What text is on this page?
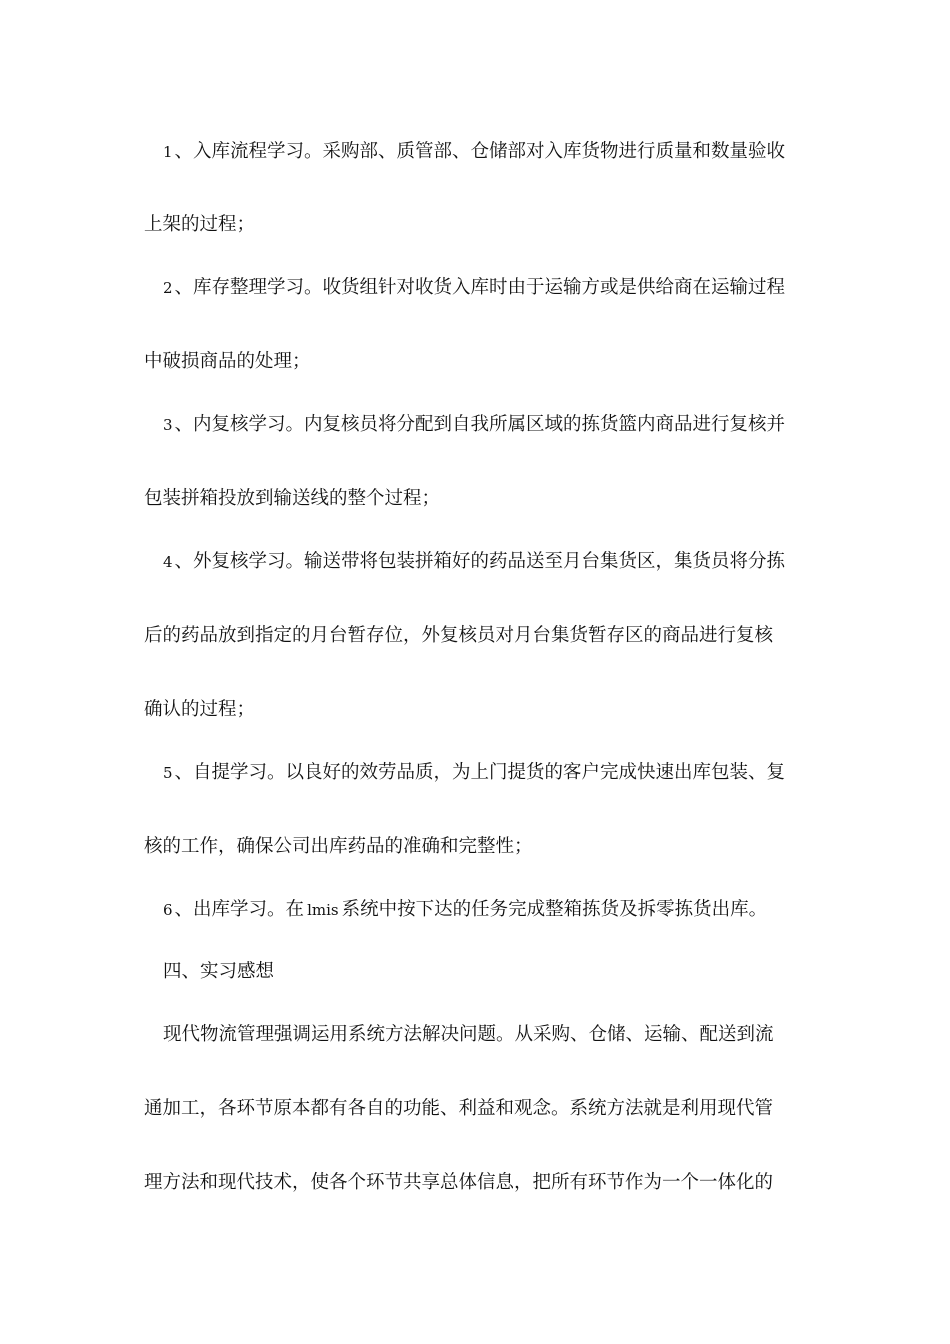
1 、入库流程学习。采购部、质管部、仓储部对入库货物进行质量和数量验收
上架的过程；
2 、库存整理学习。收货组针对收货入库时由于运输方或是供给商在运输过程
中破损商品的处理；
3 、内复核学习。内复核员将分配到自我所属区域的拣货篮内商品进行复核并
包装拼箱投放到输送线的整个过程；
4 、外复核学习。输送带将包装拼箱好的药品送至月台集货区，集货员将分拣
后的药品放到指定的月台暂存位，外复核员对月台集货暂存区的商品进行复核
确认的过程；
5 、自提学习。以良好的效劳品质，为上门提货的客户完成快速出库包装、复
核的工作，确保公司出库药品的准确和完整性；
6 、出库学习。在 lmis 系统中按下达的任务完成整箱拣货及拆零拣货出库。
四、实习感想
现代物流管理强调运用系统方法解决问题。从采购、仓储、运输、配送到流
通加工，各环节原本都有各自的功能、利益和观念。系统方法就是利用现代管
理方法和现代技术，使各个环节共享总体信息，把所有环节作为一个一体化的
